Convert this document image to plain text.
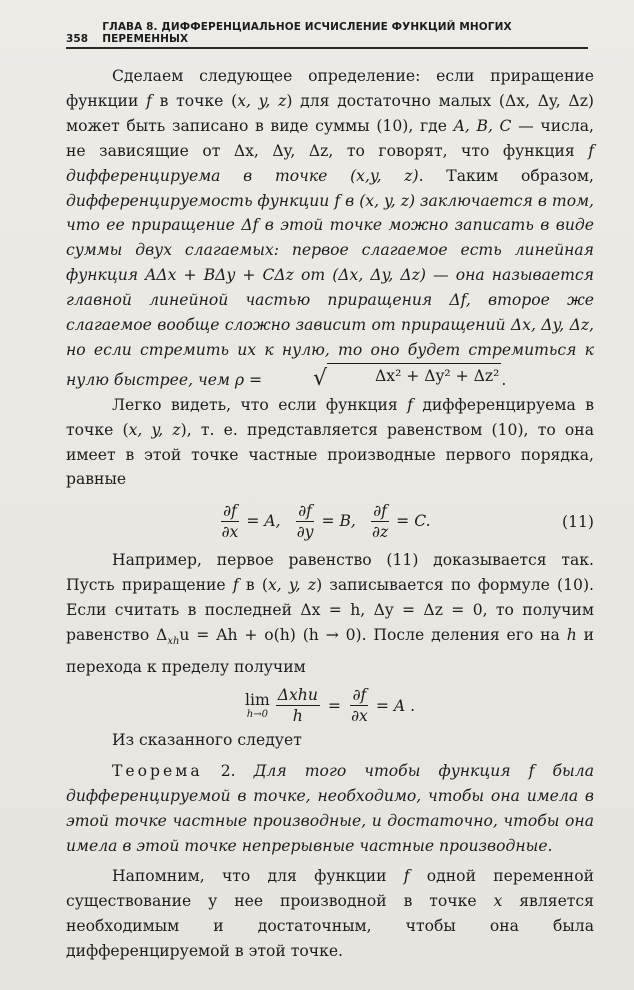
358
ГЛАВА 8. ДИФФЕРЕНЦИАЛЬНОЕ ИСЧИСЛЕНИЕ ФУНКЦИЙ МНОГИХ ПЕРЕМЕННЫХ

Сделаем следующее определение: если приращение функции f в точке (x, y, z) для достаточно малых (Δx, Δy, Δz) может быть записано в виде суммы (10), где A, B, C — числа, не зависящие от Δx, Δy, Δz, то говорят, что функция f дифференцируема в точке (x,y, z). Таким образом, дифференцируемость функции f в (x, y, z) заключается в том, что ее приращение Δf в этой точке можно записать в виде суммы двух слагаемых: первое слагаемое есть линейная функция AΔx + BΔy + CΔz от (Δx, Δy, Δz) — она называется главной линейной частью приращения Δf, второе же слагаемое вообще сложно зависит от приращений Δx, Δy, Δz, но если стремить их к нулю, то оно будет стремиться к нулю быстрее, чем ρ =	√	Δx² + Δy² + Δz² .

Легко видеть, что если функция f дифференцируема в точке (x, y, z), т. е. представляется равенством (10), то она имеет в этой точке частные производные первого порядка, равные

$\frac{\partial f}{\partial x} = A$, $\frac{\partial f}{\partial y} = B$, $\frac{\partial f}{\partial z} = C$.	(11)

Например, первое равенство (11) доказывается так. Пусть приращение f в (x, y, z) записывается по формуле (10). Если считать в последней Δx = h, Δy = Δz = 0, то получим равенство $\Delta_{xh}u = Ah + o(h) (h \to 0)$. После деления его на h и перехода к пределу получим

lim
$h\to 0 \frac{\text{Δxhu}}{h} = \frac{\partial f}{\partial x} = A$ .

Из сказанного следует

Теорема 2. Для того чтобы функция f была дифференцируемой в точке, необходимо, чтобы она имела в этой точке частные производные, и достаточно, чтобы она имела в этой точке непрерывные частные производные.

Напомним, что для функции f одной переменной существование у нее производной в точке x является необходимым и достаточным, чтобы она была дифференцируемой в этой точке.
